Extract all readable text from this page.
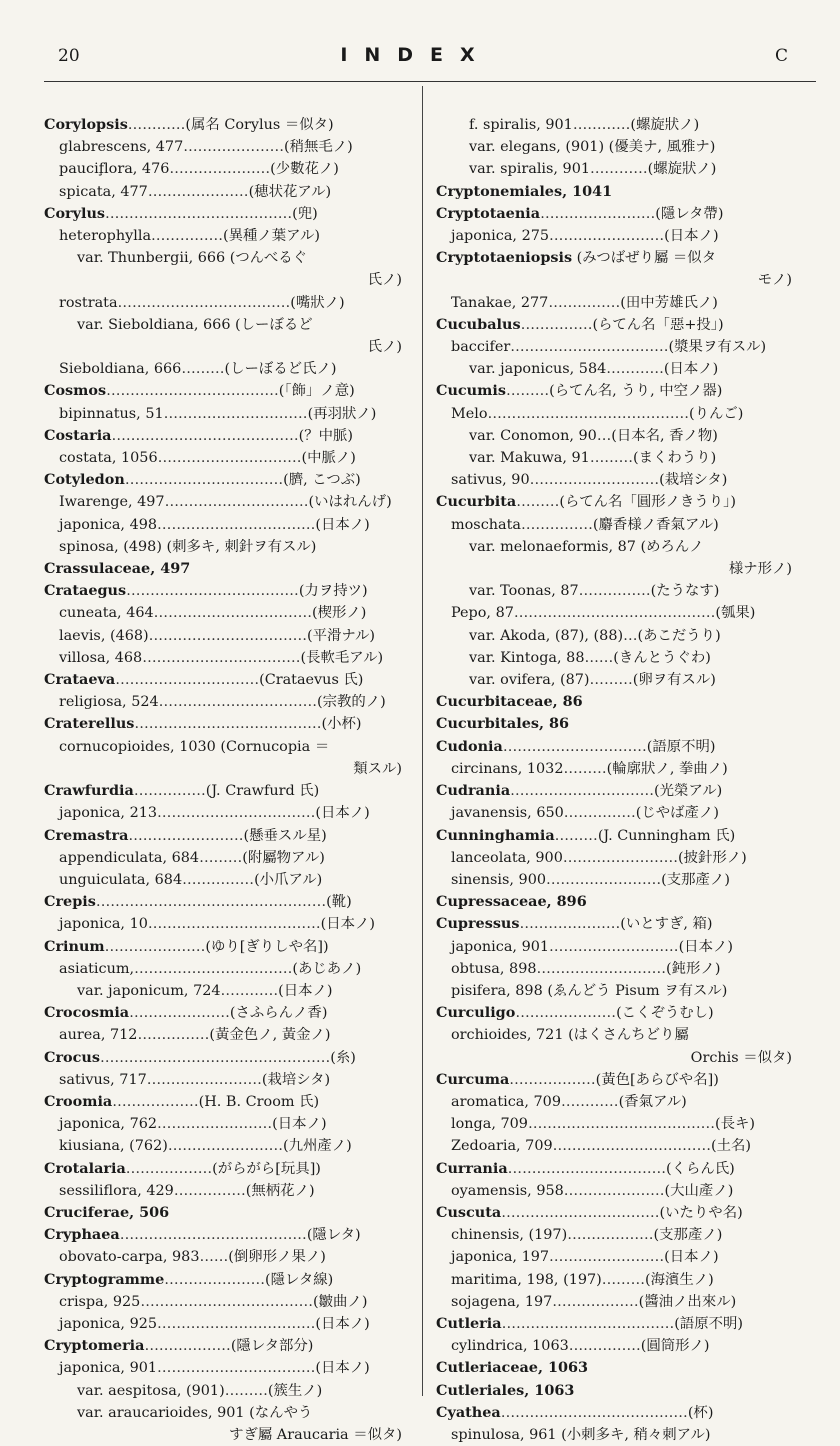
20	INDEX	C
Corylopsis…………(属名 Corylus ＝似タ)
glabrescens, 477…………………(稍無毛ノ)
paucif̧lora, 476…………………(少數花ノ)
spicata, 477…………………(穂状花アル)
Corylus…………………………………(兜)
heterophylla……………(異種ノ葉アル)
var. Thunbergii, 666 (つんべるぐ
氏ノ)
rostrata………………………………(嘴狀ノ)
var. Sieboldiana, 666 (しーぼるど
氏ノ)
Sieboldiana, 666………(しーぼるど氏ノ)
Cosmos………………………………(「飾」ノ意)
bipinnatus, 51…………………………(再羽狀ノ)
Costaria…………………………………(？中脈)
costata, 1056…………………………(中脈ノ)
Cotyledon……………………………(臍, こつぶ)
Iwarenge, 497…………………………(いはれんげ)
japonica, 498……………………………(日本ノ)
spinosa, (498) (刺多キ, 刺針ヲ有スル)
Crassulaceae, 497
Crataegus………………………………(力ヲ持ツ)
cuneata, 464……………………………(楔形ノ)
laevis, (468)……………………………(平滑ナル)
villosa, 468……………………………(長軟毛アル)
Crataeva…………………………(Crataevus 氏)
religiosa, 524……………………………(宗教的ノ)
Craterellus…………………………………(小杯)
cornucopioides, 1030 (Cornucopia ＝
類スル)
Crawfurdia……………(J. Crawfurd 氏)
japonica, 213……………………………(日本ノ)
Cremastra……………………(懸垂スル星)
appendiculata, 684………(附屬物アル)
unguiculata, 684……………(小爪アル)
Crepis…………………………………………(靴)
japonica, 10………………………………(日本ノ)
Crinum…………………(ゆり[ぎりしや名])
asiaticum,……………………………(あじあノ)
var. japonicum, 724…………(日本ノ)
Crocosmia…………………(さふらんノ香)
aurea, 712……………(黃金色ノ, 黃金ノ)
Crocus…………………………………………(糸)
sativus, 717……………………(栽培シタ)
Croomia………………(H. B. Croom 氏)
japonica, 762……………………(日本ノ)
kiusiana, (762)……………………(九州產ノ)
Crotalaria………………(がらがら[玩具])
sessiliflora, 429……………(無柄花ノ)
Cruciferae, 506
Cryphaea…………………………………(隱レタ)
obovato-carpa, 983……(倒卵形ノ果ノ)
Cryptogramme…………………(隱レタ線)
crispa, 925………………………………(皺曲ノ)
japonica, 925……………………………(日本ノ)
Cryptomeria………………(隱レタ部分)
japonica, 901……………………………(日本ノ)
var. aespitosa, (901)………(簇生ノ)
var. araucarioides, 901 (なんやう
すぎ屬 Araucaria ＝似タ)
f. spiralis, 901…………(螺旋狀ノ)
var. elegans, (901) (優美ナ, 風雅ナ)
var. spiralis, 901…………(螺旋狀ノ)
Cryptonemiales, 1041
Cryptotaenia……………………(隱レタ帶)
japonica, 275……………………(日本ノ)
Cryptotaeniopsis (みつばぜり屬 ＝似タ
モノ)
Tanakae, 277……………(田中芳雄氏ノ)
Cucubalus……………(らてん名「惡+投」)
baccifer……………………………(漿果ヲ有スル)
var. japonicus, 584…………(日本ノ)
Cucumis………(らてん名, うり, 中空ノ器)
Melo……………………………………(りんご)
var. Conomon, 90…(日本名, 香ノ物)
var. Makuwa, 91………(まくわうり)
sativus, 90………………………(栽培シタ)
Cucurbita………(らてん名「圓形ノきうり」)
moschata……………(麝香様ノ香氣アル)
var. melonaeformis, 87 (めろんノ
様ナ形ノ)
var. Toonas, 87……………(たうなす)
Pepo, 87……………………………………(瓠果)
var. Akoda, (87), (88)…(あこだうり)
var. Kintoga, 88……(きんとうぐわ)
var. ovifera, (87)………(卵ヲ有スル)
Cucurbitaceae, 86
Cucurbitales, 86
Cudonia…………………………(語原不明)
circinans, 1032………(輪廓狀ノ, 拳曲ノ)
Cudrania…………………………(光榮アル)
javanensis, 650……………(じやば產ノ)
Cunninghamia………(J. Cunningham 氏)
lanceolata, 900……………………(披針形ノ)
sinensis, 900……………………(支那產ノ)
Cupressaceae, 896
Cupressus…………………(いとすぎ, 箱)
japonica, 901………………………(日本ノ)
obtusa, 898………………………(鈍形ノ)
pisifera, 898 (ゑんどう Pisum ヲ有スル)
Curculigo…………………(こくぞうむし)
orchioides, 721 (はくさんちどり屬
Orchis ＝似タ)
Curcuma………………(黃色[あらびや名])
aromatica, 709…………(香氣アル)
longa, 709…………………………………(長キ)
Zedoaria, 709……………………………(土名)
Currania……………………………(くらん氏)
oyamensis, 958…………………(大山產ノ)
Cuscuta……………………………(いたりや名)
chinensis, (197)………………(支那產ノ)
japonica, 197……………………(日本ノ)
maritima, 198, (197)………(海濱生ノ)
sojagena, 197………………(醬油ノ出來ル)
Cutleria………………………………(語原不明)
cylindrica, 1063……………(圓筒形ノ)
Cutleriaceae, 1063
Cutleriales, 1063
Cyathea…………………………………(杯)
spinulosa, 961 (小刺多キ, 稍々刺アル)
